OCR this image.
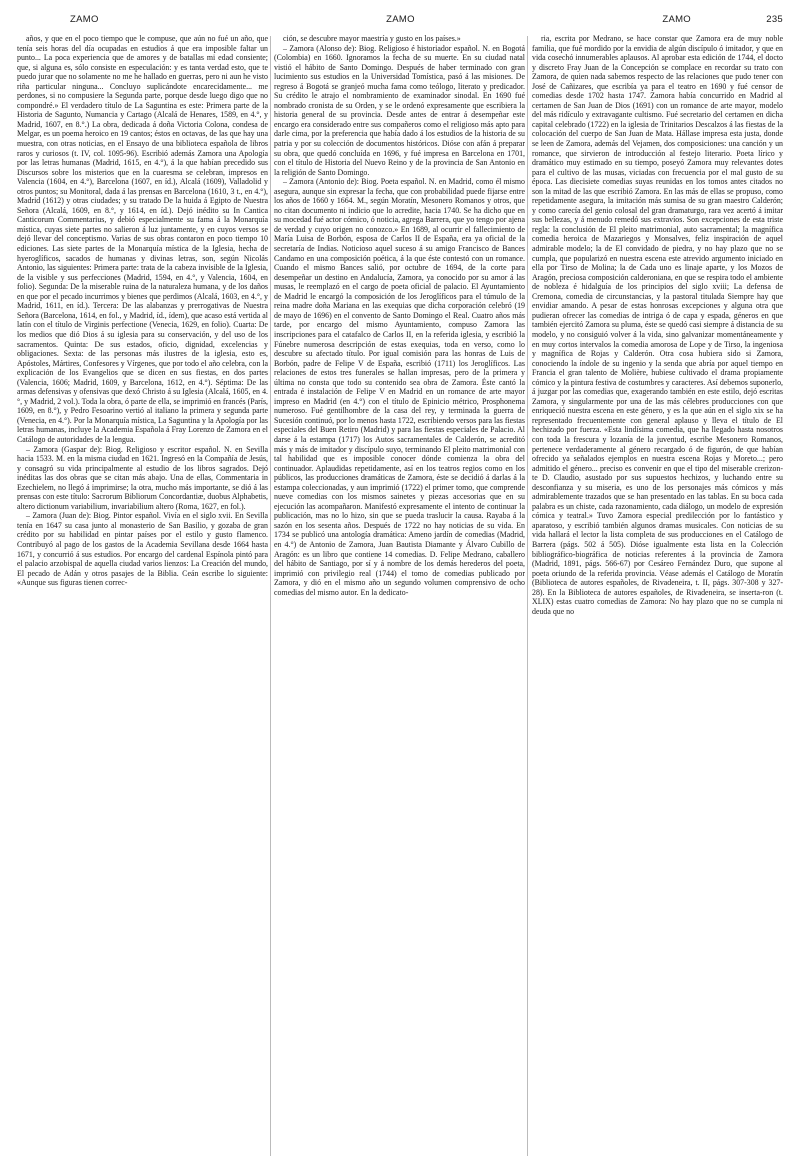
ZAMO	ZAMO	ZAMO	235

años, y que en el poco tiempo que le compuse, que aún no fué un año, que tenía seis horas del día ocupadas en estudios á que era imposible faltar un punto... La poca experiencia que de amores y de batallas mi edad consiente; que, si alguna es, sólo consiste en especulación: y es tanta verdad esto, que te puedo jurar que no solamente no me he hallado en guerras, pero ni aun he visto riña particular ninguna... Concluyo suplicándote encarecidamente... me perdones, si no compusiere la Segunda parte, porque desde luego digo que no compondré.» El verdadero título de La Saguntina es este: Primera parte de la Historia de Sagunto, Numancia y Cartago (Alcalá de Henares, 1589, en 4.°, y Madrid, 1607, en 8.°.) La obra, dedicada á doña Victoria Colona, condesa de Melgar, es un poema heroico en 19 cantos; éstos en octavas, de las que hay una muestra, con otras noticias, en el Ensayo de una biblioteca española de libros raros y curiosos (t. IV, col. 1095-96). Escribió además Zamora una Apología por las letras humanas (Madrid, 1615, en 4.°), á la que habían precedido sus Discursos sobre los misterios que en la cuaresma se celebran, impresos en Valencia (1604, en 4.°), Barcelona (1607, en íd.), Alcalá (1609), Valladolid y otros puntos; su Monitoral, dada á las prensas en Barcelona (1610, 3 t., en 4.°), Madrid (1612) y otras ciudades; y su tratado De la huida á Egipto de Nuestra Señora (Alcalá, 1609, en 8.°, y 1614, en íd.). Dejó inédito su In Cantica Canticorum Commentarius, y debió especialmente su fama á la Monarquía mística, cuyas siete partes no salieron á luz juntamente, y en cuyos versos se dejó llevar del conceptismo. Varias de sus obras contaron en poco tiempo 10 ediciones. Las siete partes de la Monarquía mística de la Iglesia, hecha de hyeroglíficos, sacados de humanas y divinas letras, son, según Nicolás Antonio, las siguientes: Primera parte: trata de la cabeza invisible de la Iglesia, de la visible y sus perfecciones (Madrid, 1594, en 4.°, y Valencia, 1604, en folio). Segunda: De la miserable ruina de la naturaleza humana, y de los daños en que por el pecado incurrimos y bienes que perdimos (Alcalá, 1603, en 4.°, y Madrid, 1611, en íd.). Tercera: De las alabanzas y prerrogativas de Nuestra Señora (Barcelona, 1614, en fol., y Madrid, íd., ídem), que acaso está vertida al latín con el título de Virginis perfectione (Venecia, 1629, en folio). Cuarta: De los medios que dió Dios á su iglesia para su conservación, y del uso de los sacramentos. Quinta: De sus estados, oficio, dignidad, excelencias y obligaciones. Sexta: de las personas más ilustres de la iglesia, esto es, Apóstoles, Mártires, Confesores y Vírgenes, que por todo el año celebra, con la explicación de los Evangelios que se dicen en sus fiestas, en dos partes (Valencia, 1606; Madrid, 1609, y Barcelona, 1612, en 4.°). Séptima: De las armas defensivas y ofensivas que dexó Christo á su Iglesia (Alcalá, 1605, en 4.°, y Madrid, 2 vol.). Toda la obra, ó parte de ella, se imprimió en francés (París, 1609, en 8.°), y Pedro Fesoarino vertió al italiano la primera y segunda parte (Venecia, en 4.°). Por la Monarquía mística, La Saguntina y la Apología por las letras humanas, incluye la Academia Española á Fray Lorenzo de Zamora en el Catálogo de autoridades de la lengua.

– Zamora (Gaspar de): Biog. Religioso y escritor español. N. en Sevilla hacia 1533. M. en la misma ciudad en 1621. Ingresó en la Compañía de Jesús, y consagró su vida principalmente al estudio de los libros sagrados. Dejó inéditas las dos obras que se citan más abajo. Una de ellas, Commentaria in Ezechielem, no llegó á imprimirse; la otra, mucho más importante, se dió á las prensas con este título: Sacrorum Bibliorum Concordantiæ, duobus Alphabetis, altero dictionum variabilium, invariabilium altero (Roma, 1627, en fol.).

– Zamora (Juan de): Biog. Pintor español. Vivía en el siglo xvii. En Sevilla tenía en 1647 su casa junto al monasterio de San Basilio, y gozaba de gran crédito por su habilidad en pintar países por el estilo y gusto flamenco. Contribuyó al pago de los gastos de la Academia Sevillana desde 1664 hasta 1671, y concurrió á sus estudios. Por encargo del cardenal Espínola pintó para el palacio arzobispal de aquella ciudad varios lienzos: La Creación del mundo, El pecado de Adán y otros pasajes de la Biblia. Ceán escribe lo siguiente: «Aunque sus figuras tienen correc-

ción, se descubre mayor maestría y gusto en los países.»

– Zamora (Alonso de): Biog. Religioso é historiador español. N. en Bogotá (Colombia) en 1660. Ignoramos la fecha de su muerte. En su ciudad natal vistió el hábito de Santo Domingo. Después de haber terminado con gran lucimiento sus estudios en la Universidad Tomística, pasó á las misiones. De regreso á Bogotá se granjeó mucha fama como teólogo, literato y predicador. Su crédito le atrajo el nombramiento de examinador sinodal. En 1690 fué nombrado cronista de su Orden, y se le ordenó expresamente que escribiera la historia general de su provincia. Desde antes de entrar á desempeñar este encargo era considerado entre sus compañeros como el religioso más apto para darle cima, por la preferencia que había dado á los estudios de la historia de su patria y por su colección de documentos históricos. Dióse con afán á preparar su obra, que quedó concluída en 1696, y fué impresa en Barcelona en 1701, con el título de Historia del Nuevo Reino y de la provincia de San Antonio en la religión de Santo Domingo.

– Zamora (Antonio de): Biog. Poeta español. N. en Madrid, como él mismo asegura, aunque sin expresar la fecha, que con probabilidad puede fijarse entre los años de 1660 y 1664. M., según Moratín, Mesonero Romanos y otros, que no citan documento ni indicio que lo acredite, hacia 1740. Se ha dicho que en su mocedad fué actor cómico, ó noticia, agrega Barrera, que yo tengo por ajena de verdad y cuyo origen no conozco.» En 1689, al ocurrir el fallecimiento de María Luisa de Borbón, esposa de Carlos II de España, era ya oficial de la secretaría de Indias. Noticioso aquel suceso á su amigo Francisco de Bances Candamo en una composición poética, á la que éste contestó con un romance. Cuando el mismo Bances salió, por octubre de 1694, de la corte para desempeñar un destino en Andalucía, Zamora, ya conocido por su amor á las musas, le reemplazó en el cargo de poeta oficial de palacio. El Ayuntamiento de Madrid le encargó la composición de los Jeroglíficos para el túmulo de la reina madre doña Mariana en las exequias que dicha corporación celebró (19 de mayo de 1696) en el convento de Santo Domingo el Real. Cuatro años más tarde, por encargo del mismo Ayuntamiento, compuso Zamora las inscripciones para el catafalco de Carlos II, en la referida iglesia, y escribió la Fúnebre numerosa descripción de estas exequias, toda en verso, como lo descubre su afectado título. Por igual comisión para las honras de Luis de Borbón, padre de Felipe V de España, escribió (1711) los Jeroglíficos. Las relaciones de estos tres funerales se hallan impresas, pero de la primera y última no consta que todo su contenido sea obra de Zamora. Éste cantó la entrada é instalación de Felipe V en Madrid en un romance de arte mayor impreso en Madrid (en 4.°) con el título de Epinicio métrico, Prosphonema numeroso. Fué gentilhombre de la casa del rey, y terminada la guerra de Sucesión continuó, por lo menos hasta 1722, escribiendo versos para las fiestas especiales del Buen Retiro (Madrid) y para las fiestas especiales de Palacio. Al darse á la estampa (1717) los Autos sacramentales de Calderón, se acreditó más y más de imitador y discípulo suyo, terminando El pleito matrimonial con tal habilidad que es imposible conocer dónde comienza la obra del continuador. Aplaudidas repetidamente, así en los teatros regios como en los públicos, las producciones dramáticas de Zamora, éste se decidió á darlas á la estampa coleccionadas, y aun imprimió (1722) el primer tomo, que comprende nueve comedias con los mismos sainetes y piezas accesorias que en su ejecución las acompañaron. Manifestó expresamente el intento de continuar la publicación, mas no lo hizo, sin que se pueda traslucir la causa. Rayaba á la sazón en los sesenta años. Después de 1722 no hay noticias de su vida. En 1734 se publicó una antología dramática: Ameno jardín de comedias (Madrid, en 4.°) de Antonio de Zamora, Juan Bautista Diamante y Álvaro Cubillo de Aragón: es un libro que contiene 14 comedias. D. Felipe Medrano, caballero del hábito de Santiago, por sí y á nombre de los demás herederos del poeta, imprimió con privilegio real (1744) el tomo de comedias publicado por Zamora, y dió en el mismo año un segundo volumen comprensivo de ocho comedias del mismo autor. En la dedicato-

ria, escrita por Medrano, se hace constar que Zamora era de muy noble familia, que fué mordido por la envidia de algún discípulo ó imitador, y que en vida cosechó innumerables aplausos. Al aprobar esta edición de 1744, el docto y discreto Fray Juan de la Concepción se complace en recordar su trato con Zamora, de quien nada sabemos respecto de las relaciones que pudo tener con José de Cañizares, que escribía ya para el teatro en 1690 y fué censor de comedias desde 1702 hasta 1747. Zamora había concurrido en Madrid al certamen de San Juan de Dios (1691) con un romance de arte mayor, modelo del más ridículo y extravagante cultismo. Fué secretario del certamen en dicha capital celebrado (1722) en la iglesia de Trinitarios Descalzos á las fiestas de la colocación del cuerpo de San Juan de Mata. Hállase impresa esta justa, donde se leen de Zamora, además del Vejamen, dos composiciones: una canción y un romance, que sirvieron de introducción al festejo literario. Poeta lírico y dramático muy estimado en su tiempo, poseyó Zamora muy relevantes dotes para el cultivo de las musas, viciadas con frecuencia por el mal gusto de su época. Las diecisiete comedias suyas reunidas en los tomos antes citados no son la mitad de las que escribió Zamora. En las más de ellas se propuso, como repetidamente asegura, la imitación más sumisa de su gran maestro Calderón; y como carecía del genio colosal del gran dramaturgo, rara vez acertó á imitar sus bellezas, y á menudo remedó sus extravíos. Son excepciones de esta triste regla: la conclusión de El pleito matrimonial, auto sacramental; la magnífica comedia heroica de Mazariegos y Monsalves, feliz inspiración de aquel admirable modelo; la de El convidado de piedra, y no hay plazo que no se cumpla, que popularizó en nuestra escena este atrevido argumento iniciado en ella por Tirso de Molina; la de Cada uno es linaje aparte, y los Mozos de Aragón, preciosa composición calderoniana, en que se respira todo el ambiente de nobleza é hidalguía de los principios del siglo xviii; La defensa de Cremona, comedia de circunstancias, y la pastoral titulada Siempre hay que envidiar amando. A pesar de estas honrosas excepciones y alguna otra que pudieran ofrecer las comedias de intriga ó de capa y espada, géneros en que también ejercitó Zamora su pluma, éste se quedó casi siempre á distancia de su modelo, y no consiguió volver á la vida, sino galvanizar momentáneamente y en muy cortos intervalos la comedia amorosa de Lope y de Tirso, la ingeniosa y magnífica de Rojas y Calderón. Otra cosa hubiera sido si Zamora, conociendo la índole de su ingenio y la senda que abría por aquel tiempo en Francia el gran talento de Molière, hubiese cultivado el drama propiamente cómico y la pintura festiva de costumbres y caracteres. Así debemos suponerlo, á juzgar por las comedias que, exagerando también en este estilo, dejó escritas Zamora, y singularmente por una de las más célebres producciones con que enriqueció nuestra escena en este género, y es la que aún en el siglo xix se ha representado frecuentemente con general aplauso y lleva el título de El hechizado por fuerza. «Esta lindísima comedia, que ha llegado hasta nosotros con toda la frescura y lozanía de la juventud, escribe Mesonero Romanos, pertenece verdaderamente al género recargado ó de figurón, de que habían ofrecido ya señalados ejemplos en nuestra escena Rojas y Moreto...; pero admitido el género... preciso es convenir en que el tipo del miserable crerizon-te D. Claudio, asustado por sus supuestos hechizos, y luchando entre su desconfianza y su miseria, es uno de los personajes más cómicos y más admirablemente trazados que se han presentado en las tablas. En su boca cada palabra es un chiste, cada razonamiento, cada diálogo, un modelo de expresión cómica y teatral.» Tuvo Zamora especial predilección por lo fantástico y aparatoso, y escribió también algunos dramas musicales. Con noticias de su vida hallará el lector la lista completa de sus producciones en el Catálogo de Barrera (págs. 502 á 505). Dióse igualmente esta lista en la Colección bibliográfico-biográfica de noticias referentes á la provincia de Zamora (Madrid, 1891, págs. 566-67) por Cesáreo Fernández Duro, que supone al poeta oriundo de la referida provincia. Véase además el Catálogo de Moratín (Biblioteca de autores españoles, de Rivadeneira, t. II, págs. 307-308 y 327-28). En la Biblioteca de autores españoles, de Rivadeneira, se inserta-ron (t. XLIX) estas cuatro comedias de Zamora: No hay plazo que no se cumpla ni deuda que no
